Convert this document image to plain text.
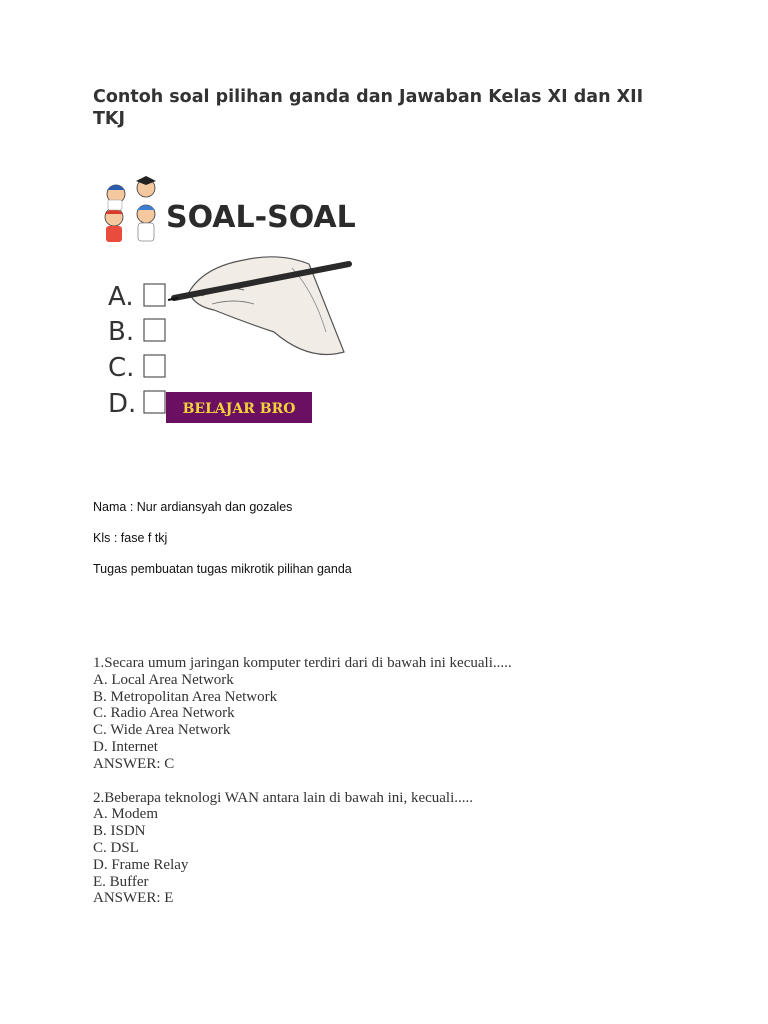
Contoh soal pilihan ganda dan Jawaban Kelas XI dan XII TKJ
SOAL-SOAL
A.
B.
C.
D.	BELAJAR BRO

Nama : Nur ardiansyah dan gozales

Kls : fase f tkj

Tugas pembuatan tugas mikrotik pilihan ganda

1.Secara umum jaringan komputer terdiri dari di bawah ini kecuali.....
A. Local Area Network
B. Metropolitan Area Network
C. Radio Area Network
C. Wide Area Network
D. Internet
ANSWER: C
2.Beberapa teknologi WAN antara lain di bawah ini, kecuali.....
A. Modem
B. ISDN
C. DSL
D. Frame Relay
E. Buffer
ANSWER: E
